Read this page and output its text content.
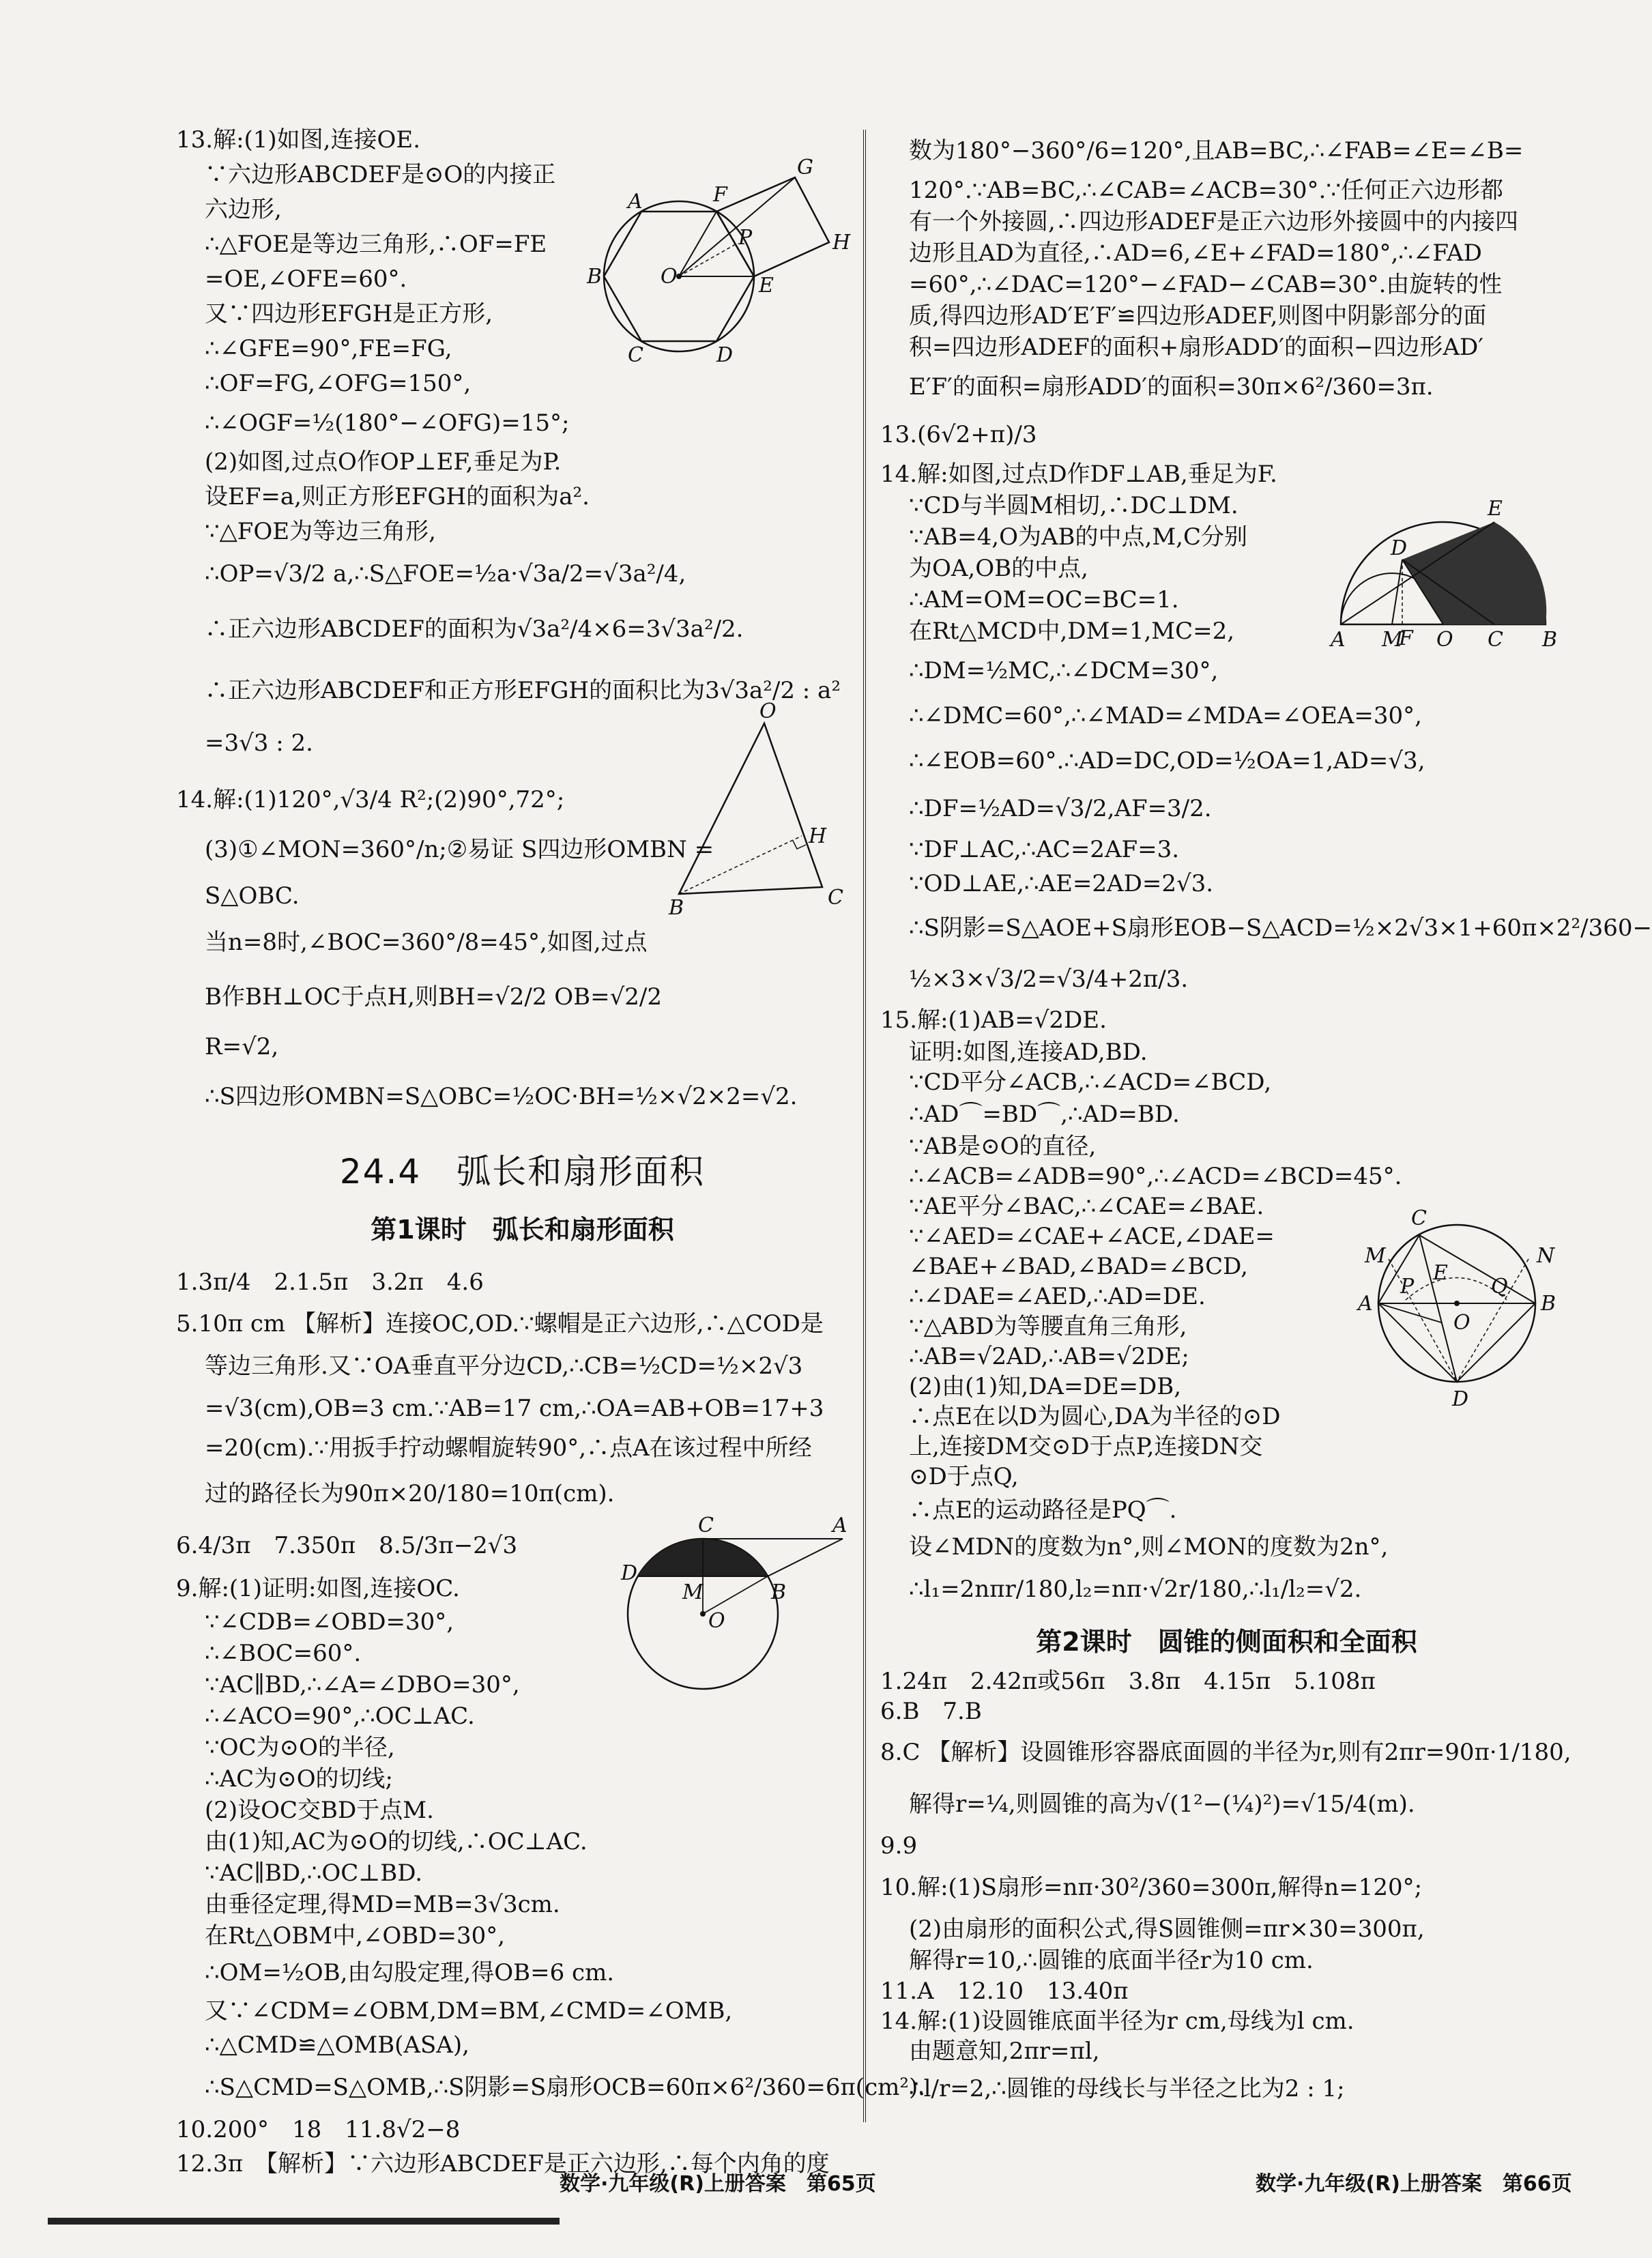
13.解:(1)如图,连接OE.
∵六边形ABCDEF是⊙O的内接正
六边形,
∴△FOE是等边三角形,∴OF=FE
=OE,∠OFE=60°.
又∵四边形EFGH是正方形,
∴∠GFE=90°,FE=FG,
∴OF=FG,∠OFG=150°,
∴∠OGF=½(180°−∠OFG)=15°;
(2)如图,过点O作OP⊥EF,垂足为P.
设EF=a,则正方形EFGH的面积为a².
∵△FOE为等边三角形,
∴OP=√3/2 a,∴S△FOE=½a·√3a/2=√3a²/4,
∴正六边形ABCDEF的面积为√3a²/4×6=3√3a²/2.
∴正六边形ABCDEF和正方形EFGH的面积比为3√3a²/2 : a²
=3√3 : 2.
14.解:(1)120°,√3/4 R²;(2)90°,72°;
(3)①∠MON=360°/n;②易证 S四边形OMBN =
S△OBC.
当n=8时,∠BOC=360°/8=45°,如图,过点
B作BH⊥OC于点H,则BH=√2/2 OB=√2/2
R=√2,
∴S四边形OMBN=S△OBC=½OC·BH=½×√2×2=√2.
24.4　弧长和扇形面积
第1课时　弧长和扇形面积
1.3π/4　2.1.5π　3.2π　4.6
5.10π cm 【解析】连接OC,OD.∵螺帽是正六边形,∴△COD是
等边三角形.又∵OA垂直平分边CD,∴CB=½CD=½×2√3
=√3(cm),OB=3 cm.∵AB=17 cm,∴OA=AB+OB=17+3
=20(cm).∵用扳手拧动螺帽旋转90°,∴点A在该过程中所经
过的路径长为90π×20/180=10π(cm).
6.4/3π　7.350π　8.5/3π−2√3
9.解:(1)证明:如图,连接OC.
∵∠CDB=∠OBD=30°,
∴∠BOC=60°.
∵AC∥BD,∴∠A=∠DBO=30°,
∴∠ACO=90°,∴OC⊥AC.
∵OC为⊙O的半径,
∴AC为⊙O的切线;
(2)设OC交BD于点M.
由(1)知,AC为⊙O的切线,∴OC⊥AC.
∵AC∥BD,∴OC⊥BD.
由垂径定理,得MD=MB=3√3cm.
在Rt△OBM中,∠OBD=30°,
∴OM=½OB,由勾股定理,得OB=6 cm.
又∵∠CDM=∠OBM,DM=BM,∠CMD=∠OMB,
∴△CMD≌△OMB(ASA),
∴S△CMD=S△OMB,∴S阴影=S扇形OCB=60π×6²/360=6π(cm²).
10.200°　18　11.8√2−8
12.3π　【解析】∵六边形ABCDEF是正六边形,∴每个内角的度
A	F
G
H
B	O
P
E
C	D
O
H
B	C
C	A
D
M
O
B
数为180°−360°/6=120°,且AB=BC,∴∠FAB=∠E=∠B=
120°.∵AB=BC,∴∠CAB=∠ACB=30°.∵任何正六边形都
有一个外接圆,∴四边形ADEF是正六边形外接圆中的内接四
边形且AD为直径,∴AD=6,∠E+∠FAD=180°,∴∠FAD
=60°,∴∠DAC=120°−∠FAD−∠CAB=30°.由旋转的性
质,得四边形AD′E′F′≌四边形ADEF,则图中阴影部分的面
积=四边形ADEF的面积+扇形ADD′的面积−四边形AD′
E′F′的面积=扇形ADD′的面积=30π×6²/360=3π.
13.(6√2+π)/3
14.解:如图,过点D作DF⊥AB,垂足为F.
∵CD与半圆M相切,∴DC⊥DM.
∵AB=4,O为AB的中点,M,C分别
为OA,OB的中点,
∴AM=OM=OC=BC=1.
在Rt△MCD中,DM=1,MC=2,
∴DM=½MC,∴∠DCM=30°,
∴∠DMC=60°,∴∠MAD=∠MDA=∠OEA=30°,
∴∠EOB=60°.∴AD=DC,OD=½OA=1,AD=√3,
∴DF=½AD=√3/2,AF=3/2.
∵DF⊥AC,∴AC=2AF=3.
∵OD⊥AE,∴AE=2AD=2√3.
∴S阴影=S△AOE+S扇形EOB−S△ACD=½×2√3×1+60π×2²/360−
½×3×√3/2=√3/4+2π/3.
15.解:(1)AB=√2DE.
证明:如图,连接AD,BD.
∵CD平分∠ACB,∴∠ACD=∠BCD,
∴AD⌒=BD⌒,∴AD=BD.
∵AB是⊙O的直径,
∴∠ACB=∠ADB=90°,∴∠ACD=∠BCD=45°.
∵AE平分∠BAC,∴∠CAE=∠BAE.
∵∠AED=∠CAE+∠ACE,∠DAE=
∠BAE+∠BAD,∠BAD=∠BCD,
∴∠DAE=∠AED,∴AD=DE.
∵△ABD为等腰直角三角形,
∴AB=√2AD,∴AB=√2DE;
(2)由(1)知,DA=DE=DB,
∴点E在以D为圆心,DA为半径的⊙D
上,连接DM交⊙D于点P,连接DN交
⊙D于点Q,
∴点E的运动路径是PQ⌒.
设∠MDN的度数为n°,则∠MON的度数为2n°,
∴l₁=2nπr/180,l₂=nπ·√2r/180,∴l₁/l₂=√2.
第2课时　圆锥的侧面积和全面积
1.24π　2.42π或56π　3.8π　4.15π　5.108π
6.B　7.B
8.C 【解析】设圆锥形容器底面圆的半径为r,则有2πr=90π·1/180,
解得r=¼,则圆锥的高为√(1²−(¼)²)=√15/4(m).
9.9
10.解:(1)S扇形=nπ·30²/360=300π,解得n=120°;
(2)由扇形的面积公式,得S圆锥侧=πr×30=300π,
解得r=10,∴圆锥的底面半径r为10 cm.
11.A　12.10　13.40π
14.解:(1)设圆锥底面半径为r cm,母线为l cm.
由题意知,2πr=πl,
∴l/r=2,∴圆锥的母线长与半径之比为2 : 1;
E
D
A M
F O C B
C
M	N
E
A
P	Q
B
O
D
数学·九年级(R)上册答案　第65页	数学·九年级(R)上册答案　第66页
